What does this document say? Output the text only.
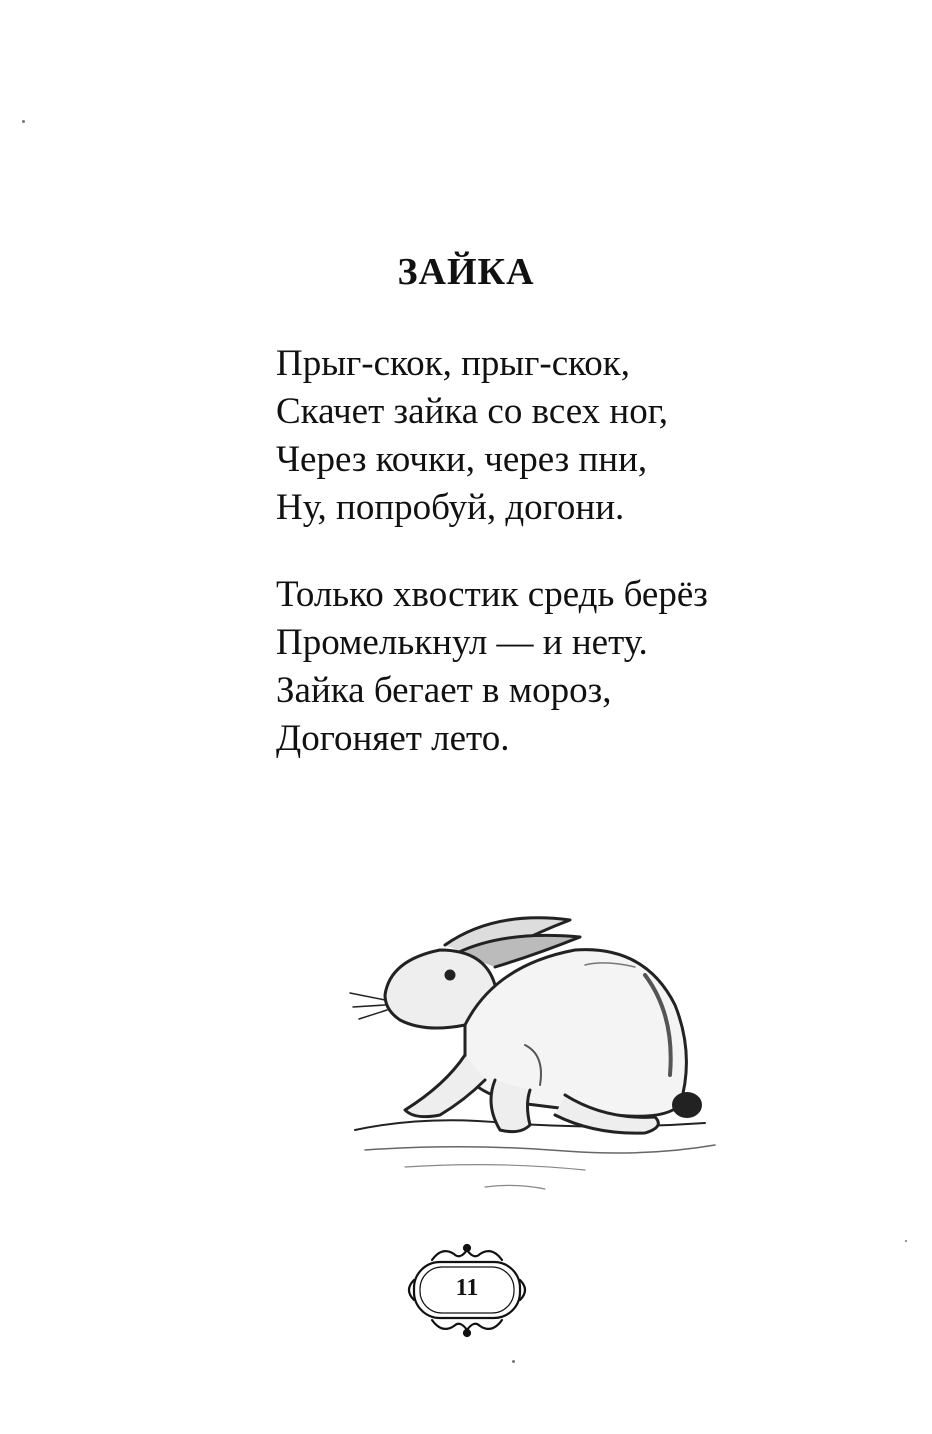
ЗАЙКА
Прыг-скок, прыг-скок,
Скачет зайка со всех ног,
Через кочки, через пни,
Ну, попробуй, догони.
Только хвостик средь берёз
Промелькнул — и нету.
Зайка бегает в мороз,
Догоняет лето.
11
